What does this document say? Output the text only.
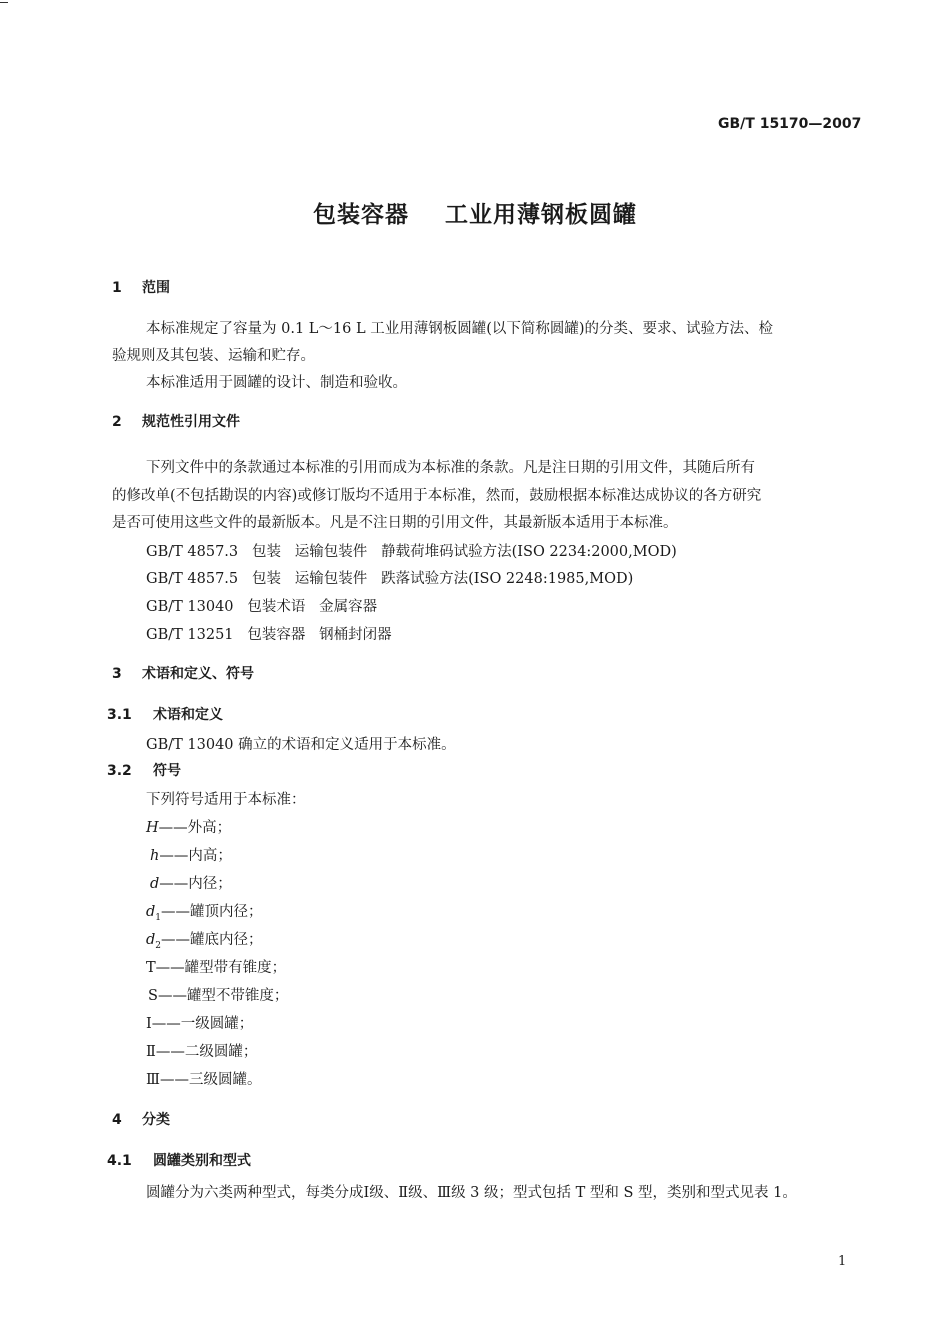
GB/T 15170—2007
包装容器    工业用薄钢板圆罐
1 范围
本标准规定了容量为 0.1 L～16 L 工业用薄钢板圆罐(以下简称圆罐)的分类、要求、试验方法、检
验规则及其包装、运输和贮存。
本标准适用于圆罐的设计、制造和验收。
2 规范性引用文件
下列文件中的条款通过本标准的引用而成为本标准的条款。凡是注日期的引用文件，其随后所有
的修改单(不包括勘误的内容)或修订版均不适用于本标准，然而，鼓励根据本标准达成协议的各方研究
是否可使用这些文件的最新版本。凡是不注日期的引用文件，其最新版本适用于本标准。
GB/T 4857.3   包装   运输包装件   静载荷堆码试验方法(ISO 2234:2000,MOD)
GB/T 4857.5   包装   运输包装件   跌落试验方法(ISO 2248:1985,MOD)
GB/T 13040   包装术语   金属容器
GB/T 13251   包装容器   钢桶封闭器
3 术语和定义、符号
3.1 术语和定义
GB/T 13040 确立的术语和定义适用于本标准。
3.2 符号
下列符号适用于本标准：
H——外高；
h——内高；
d——内径；
$d_1——$罐顶内径；
$d_2——$罐底内径；
T——罐型带有锥度；
S——罐型不带锥度；
Ⅰ——一级圆罐；
Ⅱ——二级圆罐；
Ⅲ——三级圆罐。
4 分类
4.1 圆罐类别和型式
圆罐分为六类两种型式，每类分成Ⅰ级、Ⅱ级、Ⅲ级 3 级；型式包括 T 型和 S 型，类别和型式见表 1。
1
